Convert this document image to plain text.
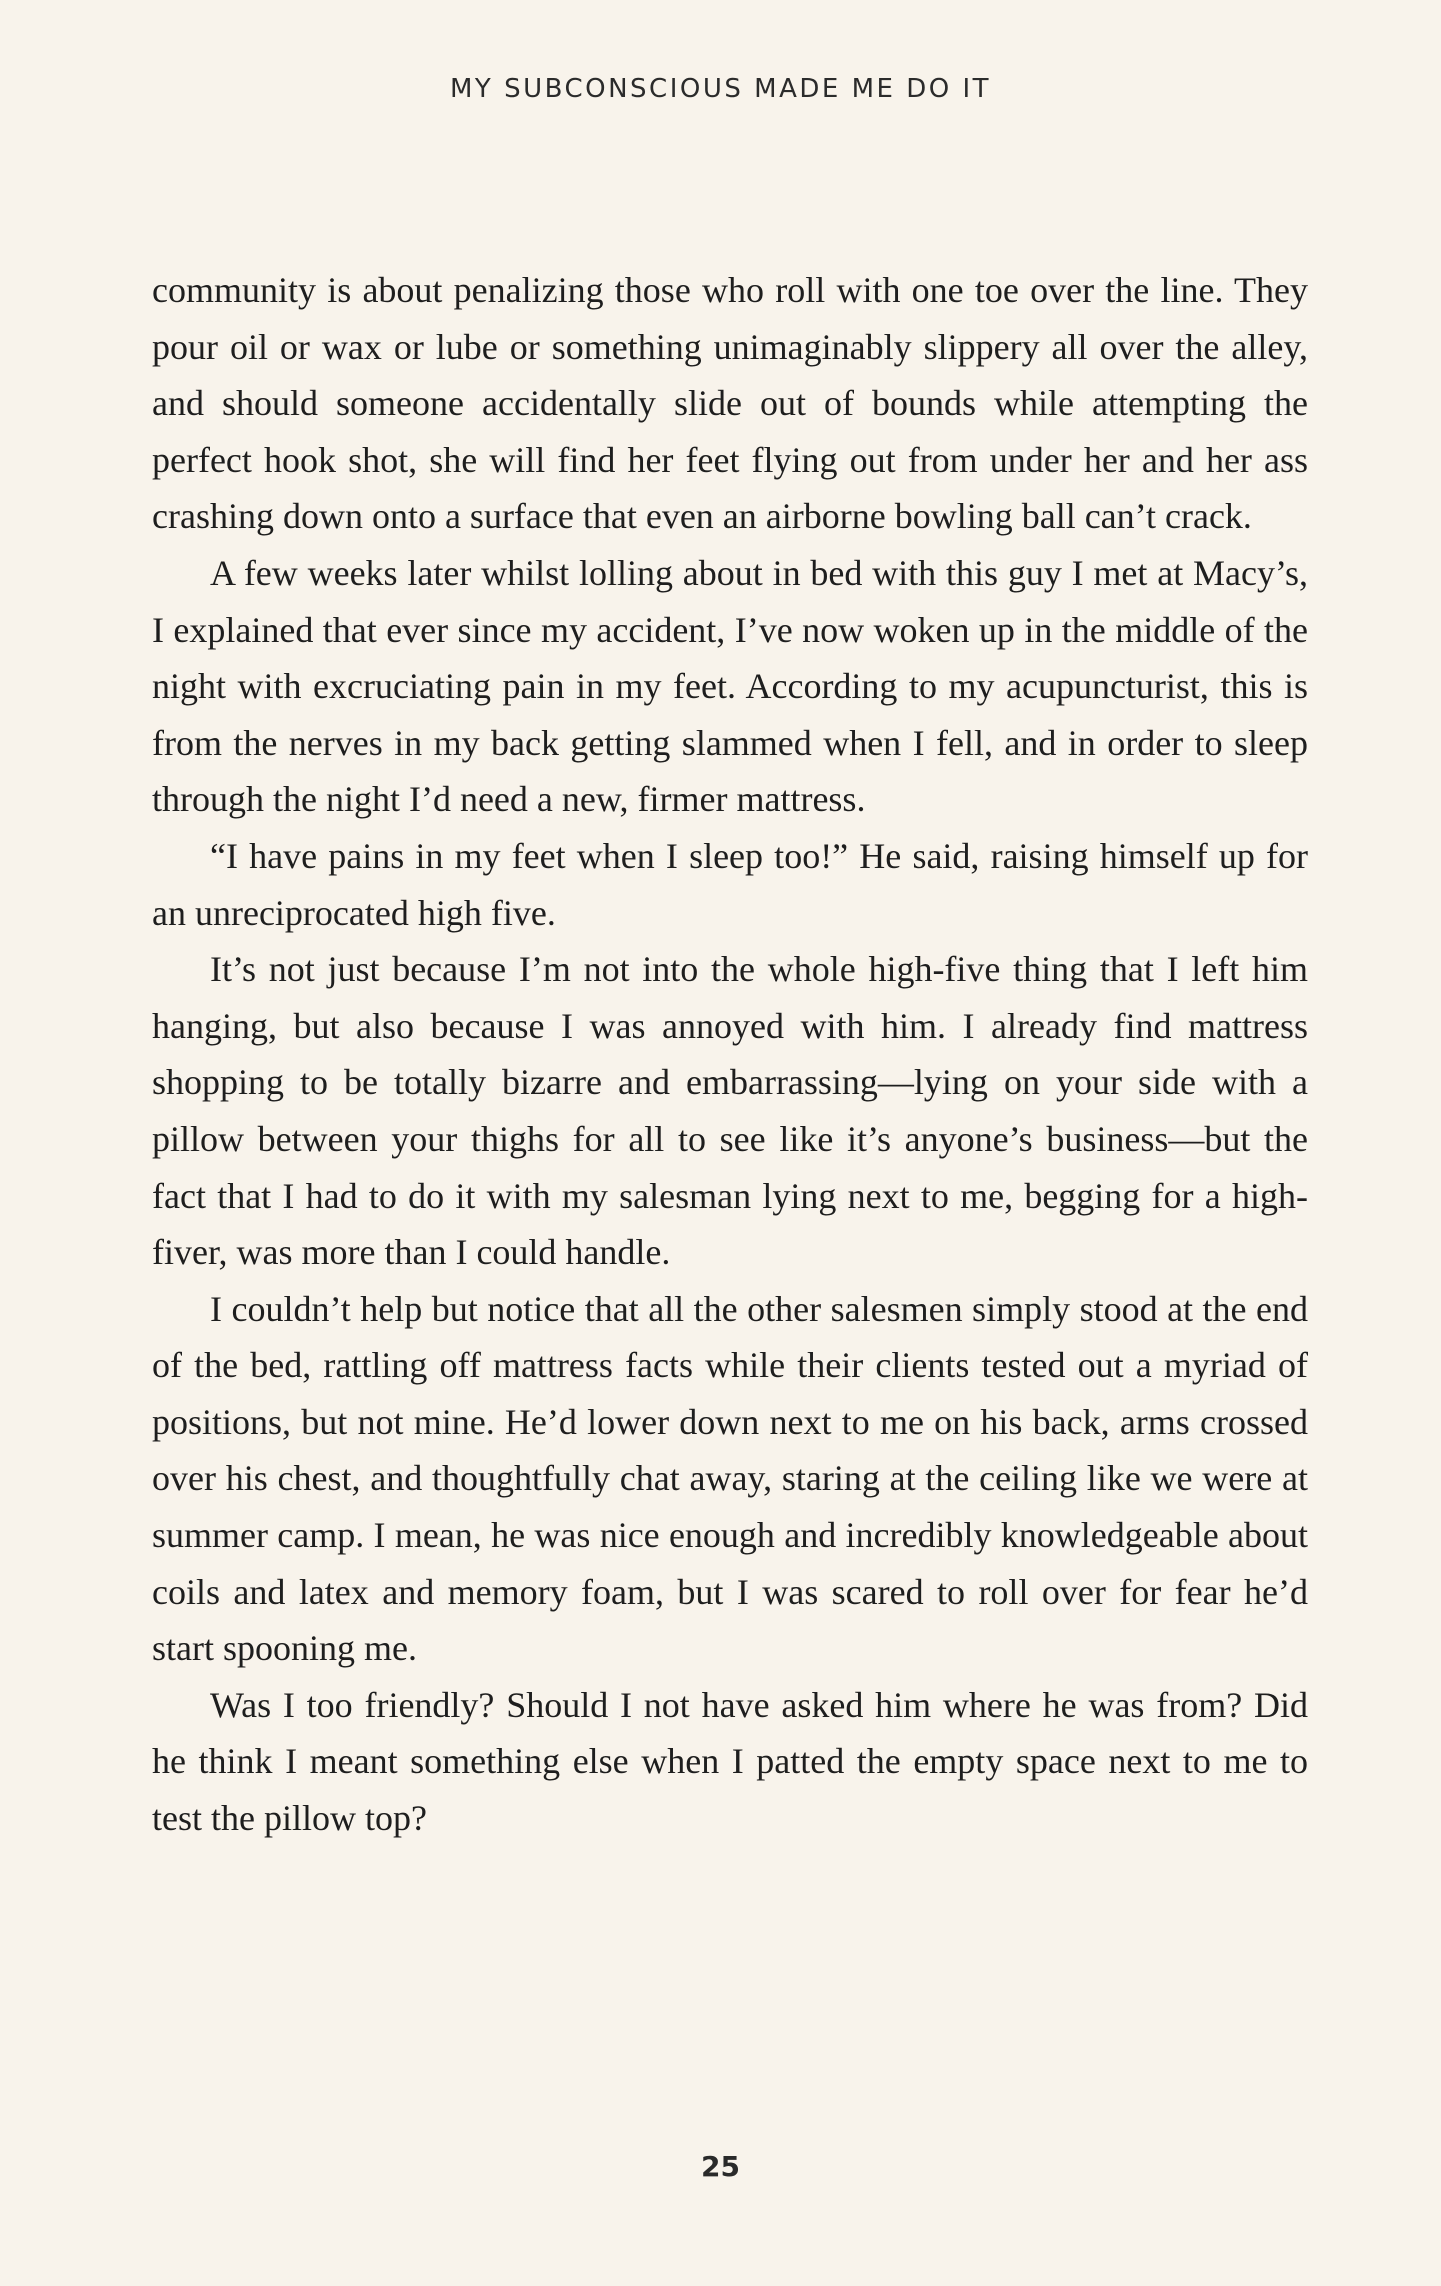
MY SUBCONSCIOUS MADE ME DO IT

community is about penalizing those who roll with one toe over the line. They pour oil or wax or lube or something unimaginably slippery all over the alley, and should someone accidentally slide out of bounds while attempting the perfect hook shot, she will find her feet flying out from under her and her ass crashing down onto a surface that even an airborne bowling ball can’t crack.

A few weeks later whilst lolling about in bed with this guy I met at Macy’s, I explained that ever since my accident, I’ve now woken up in the middle of the night with excruciating pain in my feet. According to my acupuncturist, this is from the nerves in my back getting slammed when I fell, and in order to sleep through the night I’d need a new, firmer mattress.

“I have pains in my feet when I sleep too!” He said, raising himself up for an unreciprocated high five.

It’s not just because I’m not into the whole high-five thing that I left him hanging, but also because I was annoyed with him. I already find mattress shopping to be totally bizarre and embarrassing—lying on your side with a pillow between your thighs for all to see like it’s anyone’s business—but the fact that I had to do it with my salesman lying next to me, begging for a high-fiver, was more than I could handle.

I couldn’t help but notice that all the other salesmen simply stood at the end of the bed, rattling off mattress facts while their clients tested out a myriad of positions, but not mine. He’d lower down next to me on his back, arms crossed over his chest, and thoughtfully chat away, staring at the ceiling like we were at summer camp. I mean, he was nice enough and incredibly knowledgeable about coils and latex and memory foam, but I was scared to roll over for fear he’d start spooning me.

Was I too friendly? Should I not have asked him where he was from? Did he think I meant something else when I patted the empty space next to me to test the pillow top?

25
